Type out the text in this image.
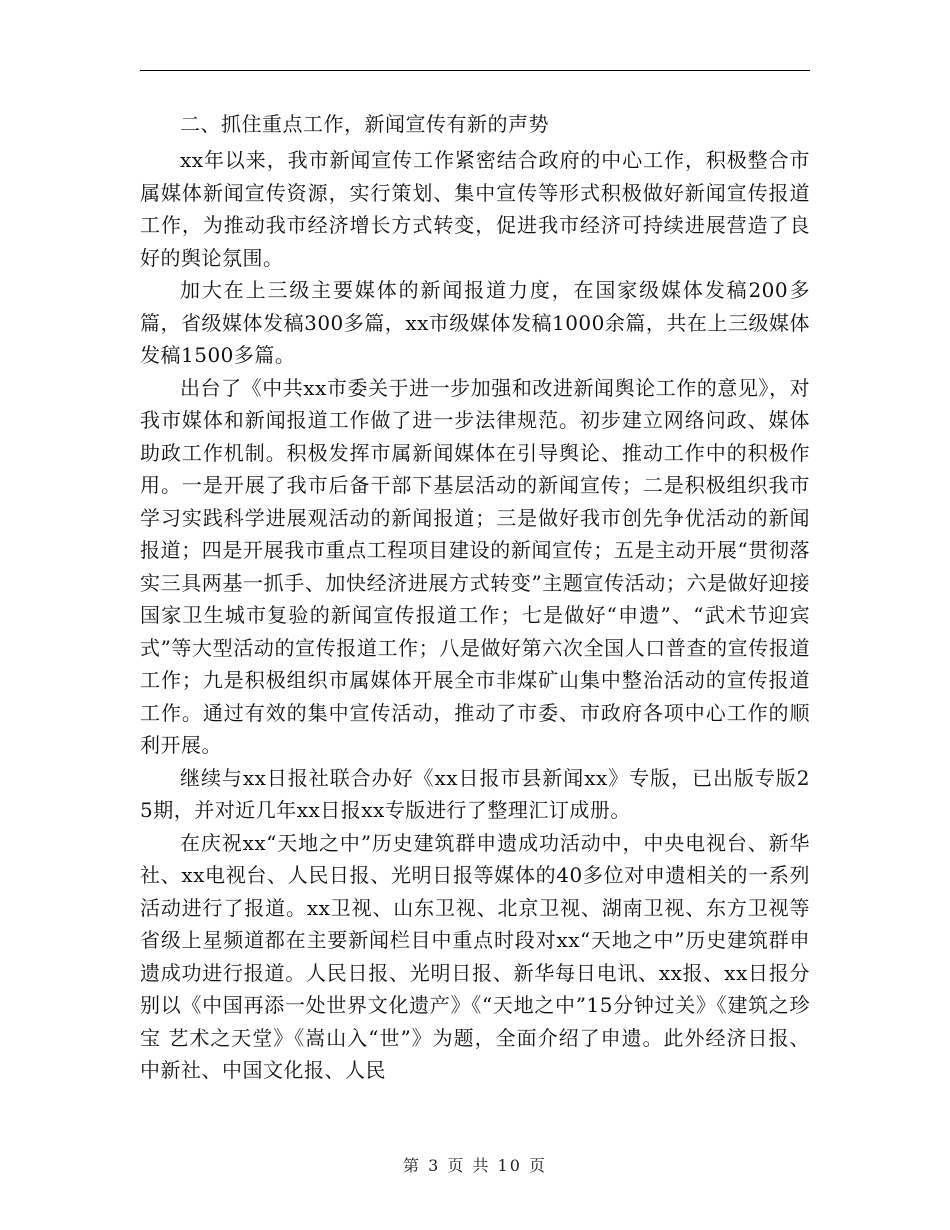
二、抓住重点工作，新闻宣传有新的声势

xx年以来，我市新闻宣传工作紧密结合政府的中心工作，积极整合市属媒体新闻宣传资源，实行策划、集中宣传等形式积极做好新闻宣传报道工作，为推动我市经济增长方式转变，促进我市经济可持续进展营造了良好的舆论氛围。

加大在上三级主要媒体的新闻报道力度，在国家级媒体发稿200多篇，省级媒体发稿300多篇，xx市级媒体发稿1000余篇，共在上三级媒体发稿1500多篇。

出台了《中共xx市委关于进一步加强和改进新闻舆论工作的意见》，对我市媒体和新闻报道工作做了进一步法律规范。初步建立网络问政、媒体助政工作机制。积极发挥市属新闻媒体在引导舆论、推动工作中的积极作用。一是开展了我市后备干部下基层活动的新闻宣传；二是积极组织我市学习实践科学进展观活动的新闻报道；三是做好我市创先争优活动的新闻报道；四是开展我市重点工程项目建设的新闻宣传；五是主动开展“贯彻落实三具两基一抓手、加快经济进展方式转变”主题宣传活动；六是做好迎接国家卫生城市复验的新闻宣传报道工作；七是做好“申遗”、“武术节迎宾式”等大型活动的宣传报道工作；八是做好第六次全国人口普查的宣传报道工作；九是积极组织市属媒体开展全市非煤矿山集中整治活动的宣传报道工作。通过有效的集中宣传活动，推动了市委、市政府各项中心工作的顺利开展。

继续与xx日报社联合办好《xx日报市县新闻xx》专版，已出版专版25期，并对近几年xx日报xx专版进行了整理汇订成册。

在庆祝xx“天地之中”历史建筑群申遗成功活动中，中央电视台、新华社、xx电视台、人民日报、光明日报等媒体的40多位对申遗相关的一系列活动进行了报道。xx卫视、山东卫视、北京卫视、湖南卫视、东方卫视等省级上星频道都在主要新闻栏目中重点时段对xx“天地之中”历史建筑群申遗成功进行报道。人民日报、光明日报、新华每日电讯、xx报、xx日报分别以《中国再添一处世界文化遗产》《“天地之中”15分钟过关》《建筑之珍宝 艺术之天堂》《嵩山入“世”》为题，全面介绍了申遗。此外经济日报、中新社、中国文化报、人民

第 3 页 共 10 页
